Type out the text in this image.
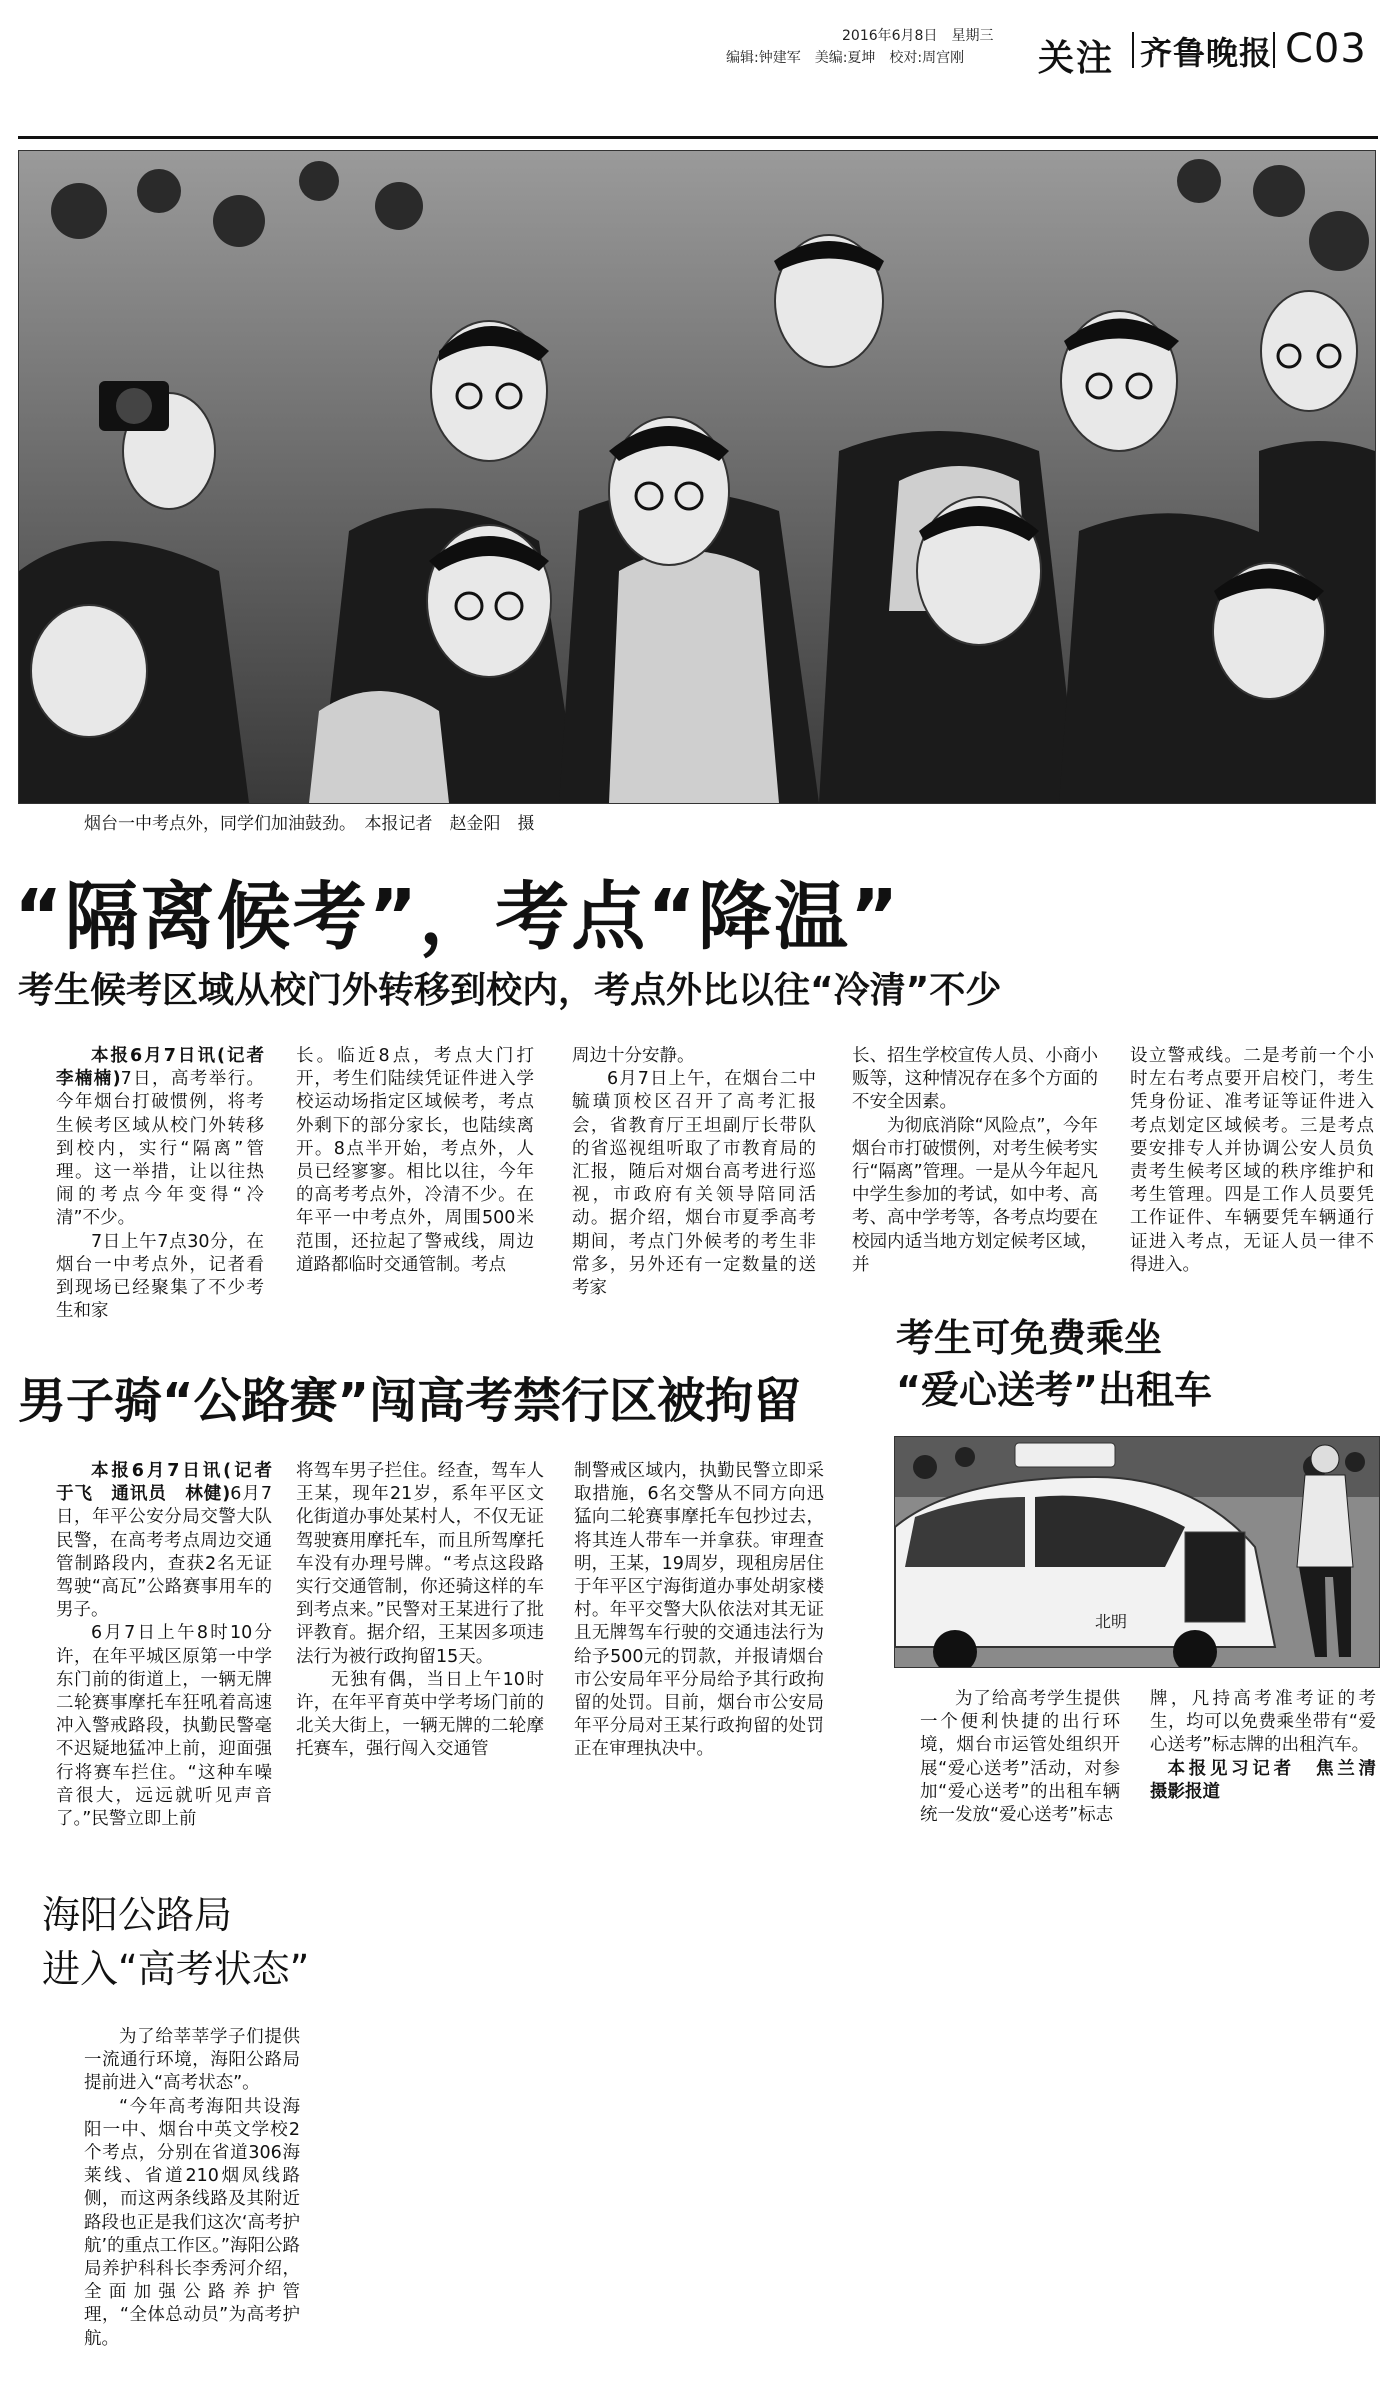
2016年6月8日　星期三
编辑:钟建军　美编:夏坤　校对:周宫刚 关注 齐鲁晚报 C03
烟台一中考点外，同学们加油鼓劲。　本报记者　赵金阳　摄
“隔离候考”，考点“降温”
考生候考区域从校门外转移到校内，考点外比以往“冷清”不少

本报6月7日讯(记者　李楠楠)7日，高考举行。今年烟台打破惯例，将考生候考区域从校门外转移到校内，实行“隔离”管理。这一举措，让以往热闹的考点今年变得“冷清”不少。

7日上午7点30分，在烟台一中考点外，记者看到现场已经聚集了不少考生和家

长。临近8点，考点大门打开，考生们陆续凭证件进入学校运动场指定区域候考，考点外剩下的部分家长，也陆续离开。8点半开始，考点外，人员已经寥寥。相比以往，今年的高考考点外，冷清不少。在年平一中考点外，周围500米范围，还拉起了警戒线，周边道路都临时交通管制。考点

周边十分安静。

6月7日上午，在烟台二中毓璜顶校区召开了高考汇报会，省教育厅王坦副厅长带队的省巡视组听取了市教育局的汇报，随后对烟台高考进行巡视，市政府有关领导陪同活动。据介绍，烟台市夏季高考期间，考点门外候考的考生非常多，另外还有一定数量的送考家

长、招生学校宣传人员、小商小贩等，这种情况存在多个方面的不安全因素。

为彻底消除“风险点”，今年烟台市打破惯例，对考生候考实行“隔离”管理。一是从今年起凡中学生参加的考试，如中考、高考、高中学考等，各考点均要在校园内适当地方划定候考区域，并

设立警戒线。二是考前一个小时左右考点要开启校门，考生凭身份证、准考证等证件进入考点划定区域候考。三是考点要安排专人并协调公安人员负责考生候考区域的秩序维护和考生管理。四是工作人员要凭工作证件、车辆要凭车辆通行证进入考点，无证人员一律不得进入。

男子骑“公路赛”闯高考禁行区被拘留

本报6月7日讯(记者　于飞　通讯员　林健)6月7日，年平公安分局交警大队民警，在高考考点周边交通管制路段内，查获2名无证驾驶“高瓦”公路赛事用车的男子。

6月7日上午8时10分许，在年平城区原第一中学东门前的街道上，一辆无牌二轮赛事摩托车狂吼着高速冲入警戒路段，执勤民警毫不迟疑地猛冲上前，迎面强行将赛车拦住。“这种车噪音很大，远远就听见声音了。”民警立即上前

将驾车男子拦住。经查，驾车人王某，现年21岁，系年平区文化街道办事处某村人，不仅无证驾驶赛用摩托车，而且所驾摩托车没有办理号牌。“考点这段路实行交通管制，你还骑这样的车到考点来。”民警对王某进行了批评教育。据介绍，王某因多项违法行为被行政拘留15天。

无独有偶，当日上午10时许，在年平育英中学考场门前的北关大街上，一辆无牌的二轮摩托赛车，强行闯入交通管

制警戒区域内，执勤民警立即采取措施，6名交警从不同方向迅猛向二轮赛事摩托车包抄过去，将其连人带车一并拿获。审理查明，王某，19周岁，现租房居住于年平区宁海街道办事处胡家楼村。年平交警大队依法对其无证且无牌驾车行驶的交通违法行为给予500元的罚款，并报请烟台市公安局年平分局给予其行政拘留的处罚。目前，烟台市公安局年平分局对王某行政拘留的处罚正在审理执决中。

考生可免费乘坐
“爱心送考”出租车
北明

为了给高考学生提供一个便利快捷的出行环境，烟台市运管处组织开展“爱心送考”活动，对参加“爱心送考”的出租车辆统一发放“爱心送考”标志

牌，凡持高考准考证的考生，均可以免费乘坐带有“爱心送考”标志牌的出租汽车。

本报见习记者　焦兰清　摄影报道

海阳公路局
进入“高考状态”

为了给莘莘学子们提供一流通行环境，海阳公路局提前进入“高考状态”。

“今年高考海阳共设海阳一中、烟台中英文学校2个考点，分别在省道306海莱线、省道210烟凤线路侧，而这两条线路及其附近路段也正是我们这次‘高考护航’的重点工作区。”海阳公路局养护科科长李秀河介绍，全面加强公路养护管理，“全体总动员”为高考护航。
